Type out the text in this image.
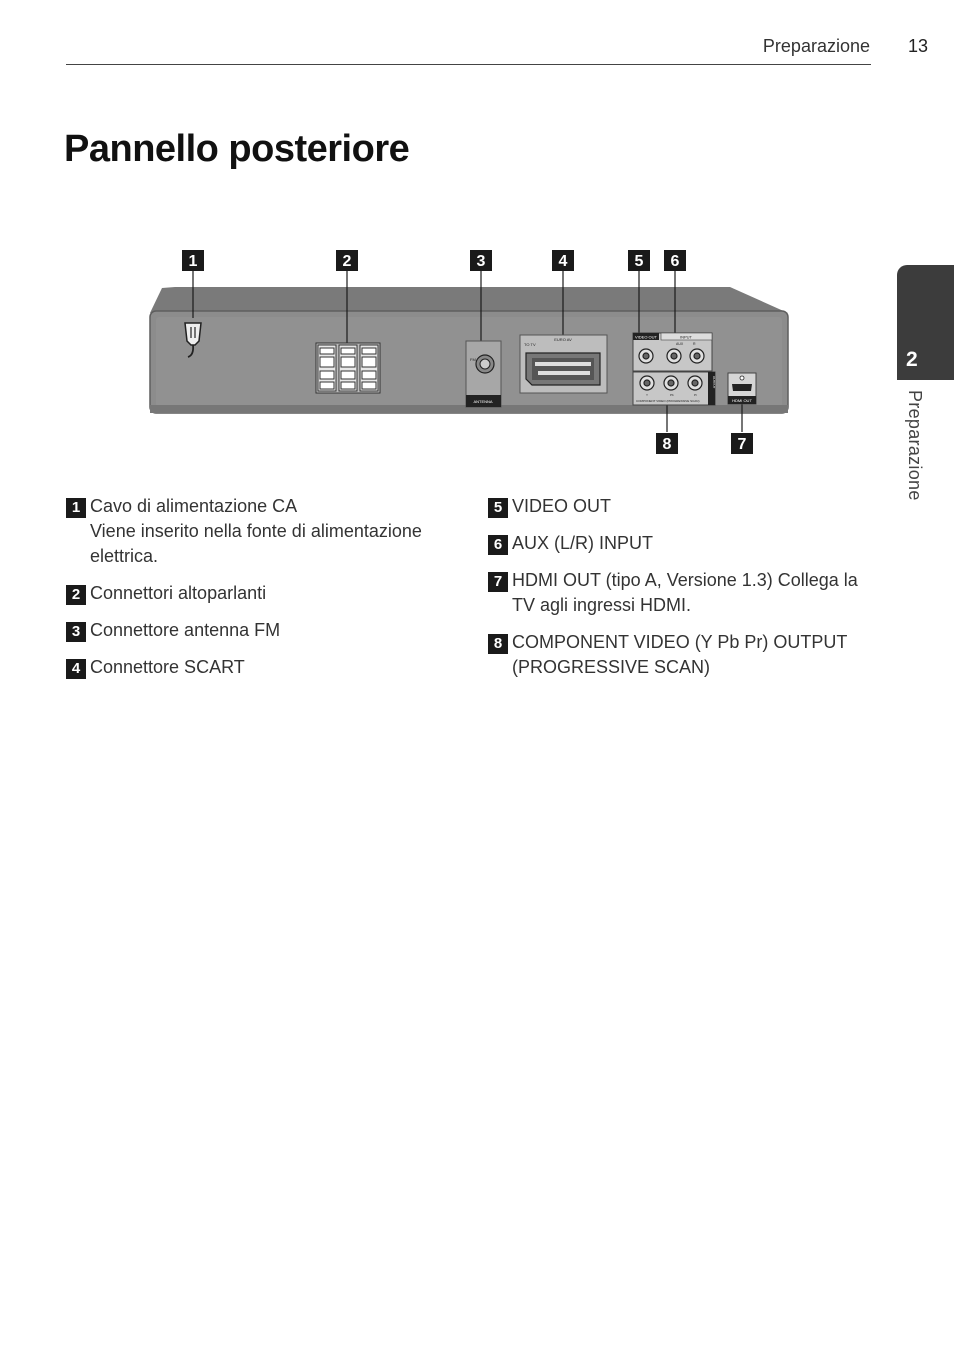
Preparazione 13
Pannello posteriore
2
Preparazione
1	2	3	4	5 6
7
8
FM
ANTENNA
EURO AV
TO TV
VIDEO OUT	INPUT
AUX	R
Y	Pb	Pr
COMPONENT VIDEO (PROGRESSIVE SCAN)
OUTPUT
HDMI OUT
1 Cavo di alimentazione CA
Viene inserito nella fonte di alimentazione elettrica.
2 Connettori altoparlanti
3 Connettore antenna FM
4 Connettore SCART
5 VIDEO OUT
6 AUX (L/R) INPUT
7 HDMI OUT (tipo A, Versione 1.3) Collega la TV agli ingressi HDMI.
8 COMPONENT VIDEO (Y Pb Pr) OUTPUT (PROGRESSIVE SCAN)
